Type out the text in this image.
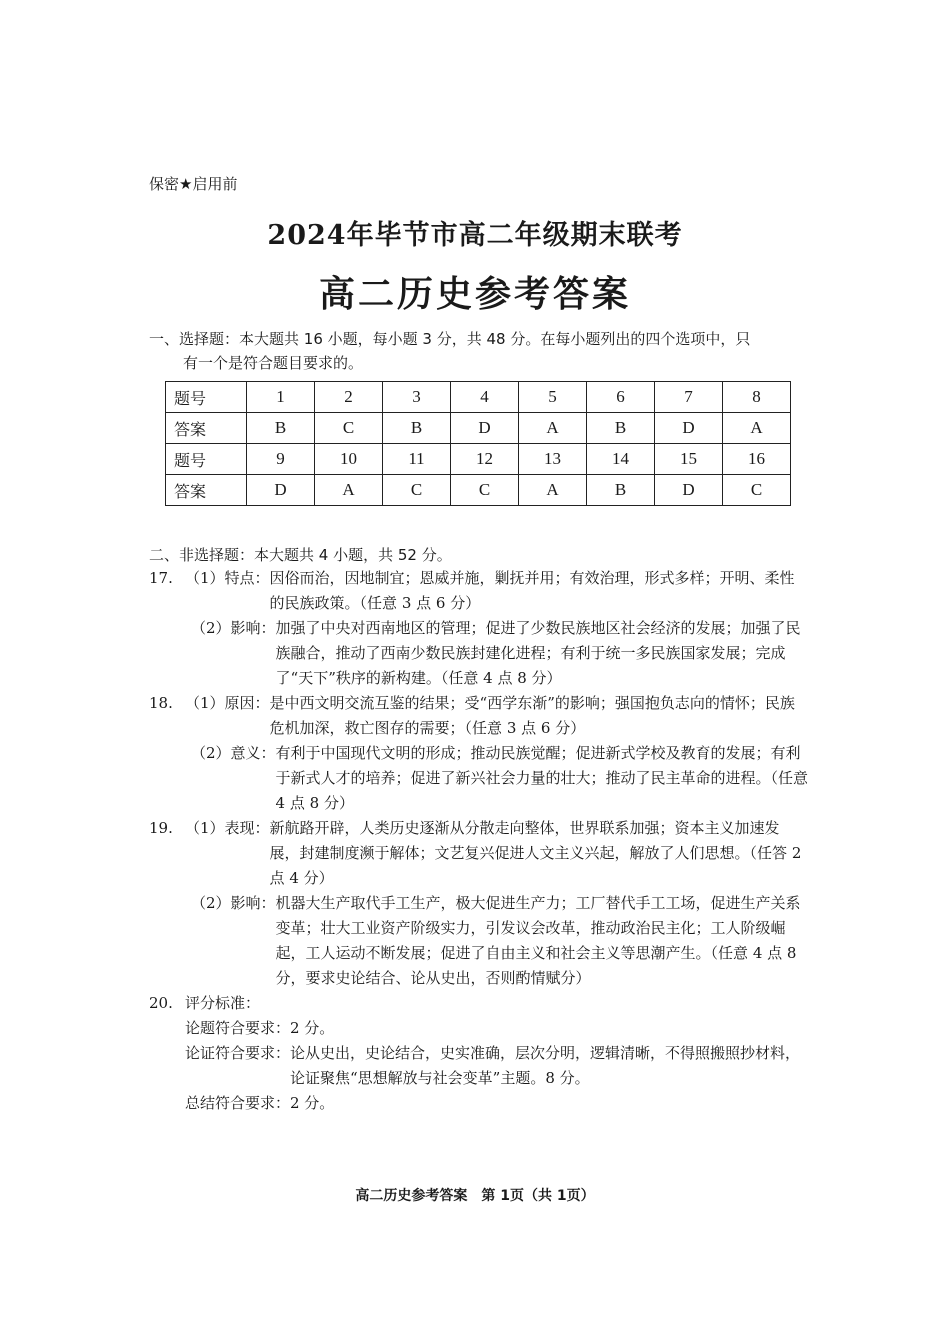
保密★启用前
2024年毕节市高二年级期末联考
高二历史参考答案
一、选择题：本大题共 16 小题，每小题 3 分，共 48 分。在每小题列出的四个选项中，只
有一个是符合题目要求的。
题号	1	2	3	4	5	6	7	8
答案	B	C	B	D	A	B	D	A
题号	9	10	11	12	13	14	15	16
答案	D	A	C	C	A	B	D	C
二、非选择题：本大题共 4 小题，共 52 分。
17. （1）特点： 因俗而治，因地制宜；恩威并施，剿抚并用；有效治理，形式多样；开明、柔性的民族政策。（任意 3 点 6 分）
（2）影响： 加强了中央对西南地区的管理；促进了少数民族地区社会经济的发展；加强了民族融合，推动了西南少数民族封建化进程；有利于统一多民族国家发展；完成了“天下”秩序的新构建。（任意 4 点 8 分）
18. （1）原因： 是中西文明交流互鉴的结果；受“西学东渐”的影响；强国抱负志向的情怀；民族危机加深，救亡图存的需要；（任意 3 点 6 分）
（2）意义： 有利于中国现代文明的形成；推动民族觉醒；促进新式学校及教育的发展；有利于新式人才的培养；促进了新兴社会力量的壮大；推动了民主革命的进程。（任意 4 点 8 分）
19. （1）表现： 新航路开辟，人类历史逐渐从分散走向整体，世界联系加强；资本主义加速发展，封建制度濒于解体；文艺复兴促进人文主义兴起，解放了人们思想。（任答 2 点 4 分）
（2）影响： 机器大生产取代手工生产，极大促进生产力；工厂替代手工工场，促进生产关系变革；壮大工业资产阶级实力，引发议会改革，推动政治民主化；工人阶级崛起，工人运动不断发展；促进了自由主义和社会主义等思潮产生。（任意 4 点 8 分，要求史论结合、论从史出，否则酌情赋分）
20. 评分标准：
论题符合要求：2 分。
论证符合要求： 论从史出，史论结合，史实准确，层次分明，逻辑清晰，不得照搬照抄材料，论证聚焦“思想解放与社会变革”主题。8 分。
总结符合要求：2 分。
高二历史参考答案　第 1页（共 1页）
